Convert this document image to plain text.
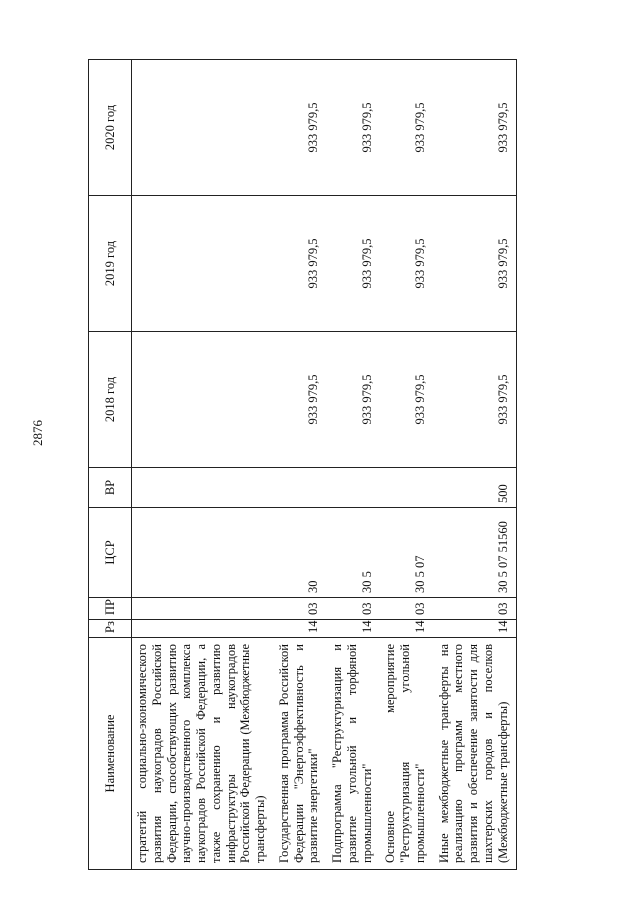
2876
Наименование	Рз	ПР	ЦСР	ВР	2018 год	2019 год	2020 год
стратегий социально-экономического развития наукоградов Российской Федерации, способствующих развитию научно-производственного комплекса наукоградов Российской Федерации, а также сохранению и развитию инфраструктуры наукоградов Российской Федерации (Межбюджетные трансферты)							
Государственная программа Российской Федерации "Энергоэффективность и развитие энергетики"	14	03	30		933 979,5	933 979,5	933 979,5
Подпрограмма "Реструктуризация и развитие угольной и торфяной промышленности"	14	03	30 5		933 979,5	933 979,5	933 979,5
Основное мероприятие "Реструктуризация угольной промышленности"	14	03	30 5 07		933 979,5	933 979,5	933 979,5
Иные межбюджетные трансферты на реализацию программ местного развития и обеспечение занятости для шахтерских городов и поселков (Межбюджетные трансферты)	14	03	30 5 07 51560	500	933 979,5	933 979,5	933 979,5
